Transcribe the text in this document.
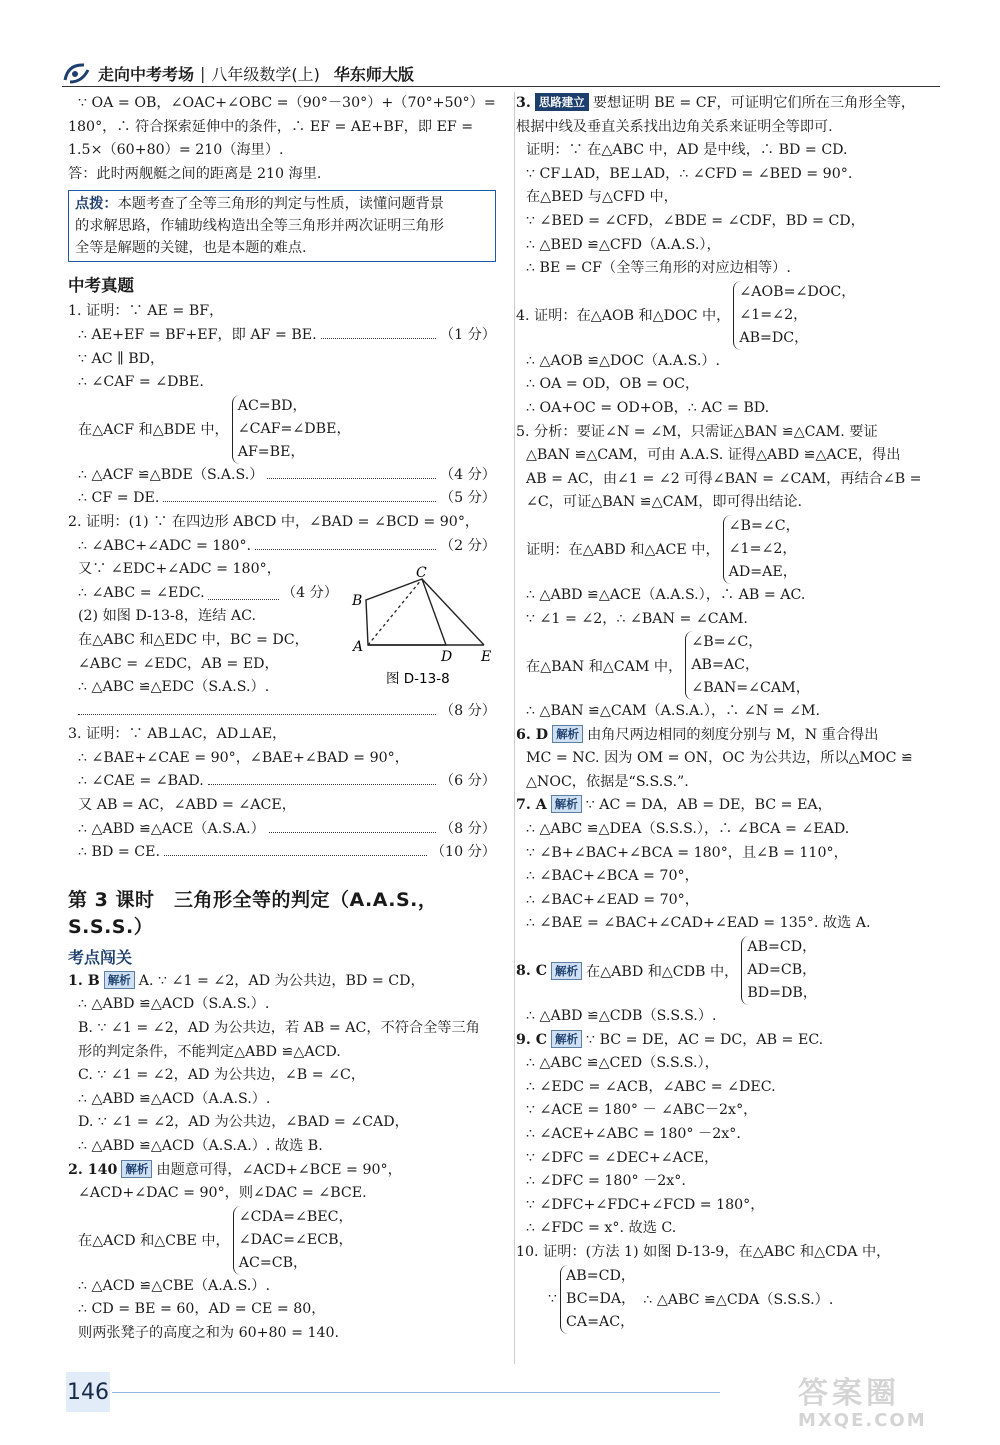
走向中考考场 | 八年级数学(上) 华东师大版
∵ OA = OB，∠OAC+∠OBC =（90°－30°）+（70°+50°）=
180°，∴ 符合探索延伸中的条件，∴ EF = AE+BF，即 EF =
1.5×（60+80）= 210（海里）.
答：此时两舰艇之间的距离是 210 海里.
点拨：本题考查了全等三角形的判定与性质，读懂问题背景
的求解思路，作辅助线构造出全等三角形并两次证明三角形
全等是解题的关键，也是本题的难点.
中考真题
1. 证明：∵ AE = BF，
∴ AE+EF = BF+EF，即 AF = BE.	（1 分）
∵ AC ∥ BD，
∴ ∠CAF = ∠DBE.
在△ACF 和△BDE 中，
AC=BD，
∠CAF=∠DBE，
AF=BE，
∴ △ACF ≌△BDE（S.A.S.）	（4 分）
∴ CF = DE.	（5 分）
2. 证明：(1) ∵ 在四边形 ABCD 中，∠BAD = ∠BCD = 90°，
∴ ∠ABC+∠ADC = 180°.	（2 分）
又∵ ∠EDC+∠ADC = 180°，
∴ ∠ABC = ∠EDC.	（4 分）
(2) 如图 D-13-8，连结 AC.
在△ABC 和△EDC 中，BC = DC，
∠ABC = ∠EDC，AB = ED，
∴ △ABC ≌△EDC（S.A.S.）.
（8 分）
3. 证明：∵ AB⊥AC，AD⊥AE，
∴ ∠BAE+∠CAE = 90°，∠BAE+∠BAD = 90°，
∴ ∠CAE = ∠BAD.	（6 分）
又 AB = AC，∠ABD = ∠ACE，
∴ △ABD ≌△ACE（A.S.A.）	（8 分）
∴ BD = CE.	（10 分）
第 3 课时　三角形全等的判定（A.A.S.，S.S.S.）
考点闯关
1. B 解析 A. ∵ ∠1 = ∠2，AD 为公共边，BD = CD，
∴ △ABD ≌△ACD（S.A.S.）.
B. ∵ ∠1 = ∠2，AD 为公共边，若 AB = AC，不符合全等三角
形的判定条件，不能判定△ABD ≌△ACD.
C. ∵ ∠1 = ∠2，AD 为公共边，∠B = ∠C，
∴ △ABD ≌△ACD（A.A.S.）.
D. ∵ ∠1 = ∠2，AD 为公共边，∠BAD = ∠CAD，
∴ △ABD ≌△ACD（A.S.A.）. 故选 B.
2. 140 解析 由题意可得，∠ACD+∠BCE = 90°，
∠ACD+∠DAC = 90°，则∠DAC = ∠BCE.
在△ACD 和△CBE 中，
∠CDA=∠BEC，
∠DAC=∠ECB，
AC=CB，
∴ △ACD ≌△CBE（A.A.S.）.
∴ CD = BE = 60，AD = CE = 80，
则两张凳子的高度之和为 60+80 = 140.
A
B
C
D E
图 D-13-8
3. 思路建立 要想证明 BE = CF，可证明它们所在三角形全等，
根据中线及垂直关系找出边角关系来证明全等即可.
证明：∵ 在△ABC 中，AD 是中线，∴ BD = CD.
∵ CF⊥AD，BE⊥AD，∴ ∠CFD = ∠BED = 90°.
在△BED 与△CFD 中，
∵ ∠BED = ∠CFD，∠BDE = ∠CDF，BD = CD，
∴ △BED ≌△CFD（A.A.S.），
∴ BE = CF（全等三角形的对应边相等）.
4. 证明：在△AOB 和△DOC 中，
∠AOB=∠DOC，
∠1=∠2，
AB=DC，
∴ △AOB ≌△DOC（A.A.S.）.
∴ OA = OD，OB = OC，
∴ OA+OC = OD+OB，∴ AC = BD.
5. 分析：要证∠N = ∠M，只需证△BAN ≌△CAM. 要证
△BAN ≌△CAM，可由 A.A.S. 证得△ABD ≌△ACE，得出
AB = AC，由∠1 = ∠2 可得∠BAN = ∠CAM，再结合∠B =
∠C，可证△BAN ≌△CAM，即可得出结论.
证明：在△ABD 和△ACE 中，
∠B=∠C，
∠1=∠2，
AD=AE，
∴ △ABD ≌△ACE（A.A.S.），∴ AB = AC.
∵ ∠1 = ∠2，∴ ∠BAN = ∠CAM.
在△BAN 和△CAM 中，
∠B=∠C，
AB=AC，
∠BAN=∠CAM，
∴ △BAN ≌△CAM（A.S.A.），∴ ∠N = ∠M.
6. D 解析 由角尺两边相同的刻度分别与 M，N 重合得出
MC = NC. 因为 OM = ON，OC 为公共边，所以△MOC ≌
△NOC，依据是“S.S.S.”.
7. A 解析 ∵ AC = DA，AB = DE，BC = EA，
∴ △ABC ≌△DEA（S.S.S.），∴ ∠BCA = ∠EAD.
∵ ∠B+∠BAC+∠BCA = 180°，且∠B = 110°，
∴ ∠BAC+∠BCA = 70°，
∴ ∠BAC+∠EAD = 70°，
∴ ∠BAE = ∠BAC+∠CAD+∠EAD = 135°. 故选 A.
8. C 解析 在△ABD 和△CDB 中，
AB=CD，
AD=CB，
BD=DB，
∴ △ABD ≌△CDB（S.S.S.）.
9. C 解析 ∵ BC = DE，AC = DC，AB = EC.
∴ △ABC ≌△CED（S.S.S.），
∴ ∠EDC = ∠ACB，∠ABC = ∠DEC.
∵ ∠ACE = 180° － ∠ABC－2x°，
∴ ∠ACE+∠ABC = 180° －2x°.
∵ ∠DFC = ∠DEC+∠ACE，
∴ ∠DFC = 180° －2x°.
∵ ∠DFC+∠FDC+∠FCD = 180°，
∴ ∠FDC = x°. 故选 C.
10. 证明：(方法 1) 如图 D-13-9，在△ABC 和△CDA 中，
∵
AB=CD，
BC=DA，
CA=AC，
∴ △ABC ≌△CDA（S.S.S.）.
146	答案圈
MXQE.COM
